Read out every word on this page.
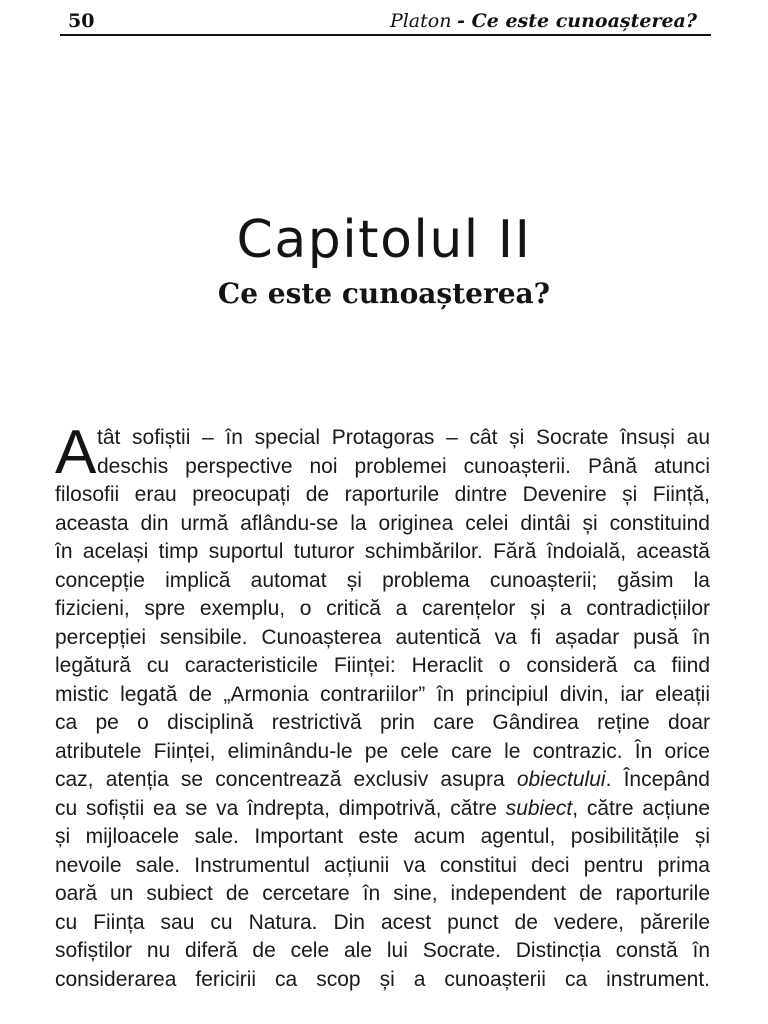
50	Platon - Ce este cunoașterea?
Capitolul II
Ce este cunoașterea?
A tât sofiștii – în special Protagoras – cât și Socrate însuși au
deschis perspective noi problemei cunoașterii. Până atunci
filosofii erau preocupați de raporturile dintre Devenire și Ființă,
aceasta din urmă aflându-se la originea celei dintâi și constituind
în același timp suportul tuturor schimbărilor. Fără îndoială, această
concepție implică automat și problema cunoașterii; găsim la
fizicieni, spre exemplu, o critică a carențelor și a contradicțiilor
percepției sensibile. Cunoașterea autentică va fi așadar pusă în
legătură cu caracteristicile Ființei: Heraclit o consideră ca fiind
mistic legată de „Armonia contrariilor” în principiul divin, iar eleații
ca pe o disciplină restrictivă prin care Gândirea reține doar
atributele Ființei, eliminându-le pe cele care le contrazic. În orice
caz, atenția se concentrează exclusiv asupra obiectului. Începând
cu sofiștii ea se va îndrepta, dimpotrivă, către subiect, către acțiune
și mijloacele sale. Important este acum agentul, posibilitățile și
nevoile sale. Instrumentul acțiunii va constitui deci pentru prima
oară un subiect de cercetare în sine, independent de raporturile
cu Ființa sau cu Natura. Din acest punct de vedere, părerile
sofiștilor nu diferă de cele ale lui Socrate. Distincția constă în
considerarea fericirii ca scop și a cunoașterii ca instrument.
